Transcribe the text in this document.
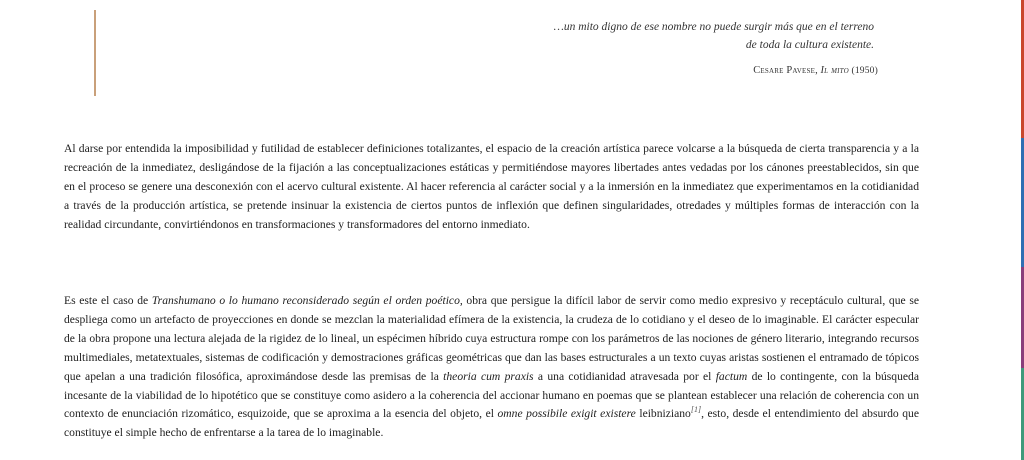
…un mito digno de ese nombre no puede surgir más que en el terreno
de toda la cultura existente.
Cesare Pavese, Il mito (1950)

Al darse por entendida la imposibilidad y futilidad de establecer definiciones totalizantes, el espacio de la creación artística parece volcarse a la búsqueda de cierta transparencia y a la recreación de la inmediatez, desligándose de la fijación a las conceptualizaciones estáticas y permitiéndose mayores libertades antes vedadas por los cánones preestablecidos, sin que en el proceso se genere una desconexión con el acervo cultural existente. Al hacer referencia al carácter social y a la inmersión en la inmediatez que experimentamos en la cotidianidad a través de la producción artística, se pretende insinuar la existencia de ciertos puntos de inflexión que definen singularidades, otredades y múltiples formas de interacción con la realidad circundante, convirtiéndonos en transformaciones y transformadores del entorno inmediato.

Es este el caso de Transhumano o lo humano reconsiderado según el orden poético, obra que persigue la difícil labor de servir como medio expresivo y receptáculo cultural, que se despliega como un artefacto de proyecciones en donde se mezclan la materialidad efímera de la existencia, la crudeza de lo cotidiano y el deseo de lo imaginable. El carácter especular de la obra propone una lectura alejada de la rigidez de lo lineal, un espécimen híbrido cuya estructura rompe con los parámetros de las nociones de género literario, integrando recursos multimediales, metatextuales, sistemas de codificación y demostraciones gráficas geométricas que dan las bases estructurales a un texto cuyas aristas sostienen el entramado de tópicos que apelan a una tradición filosófica, aproximándose desde las premisas de la theoria cum praxis a una cotidianidad atravesada por el factum de lo contingente, con la búsqueda incesante de la viabilidad de lo hipotético que se constituye como asidero a la coherencia del accionar humano en poemas que se plantean establecer una relación de coherencia con un contexto de enunciación rizomático, esquizoide, que se aproxima a la esencia del objeto, el omne possibile exigit existere leibniziano[1], esto, desde el entendimiento del absurdo que constituye el simple hecho de enfrentarse a la tarea de lo imaginable.
